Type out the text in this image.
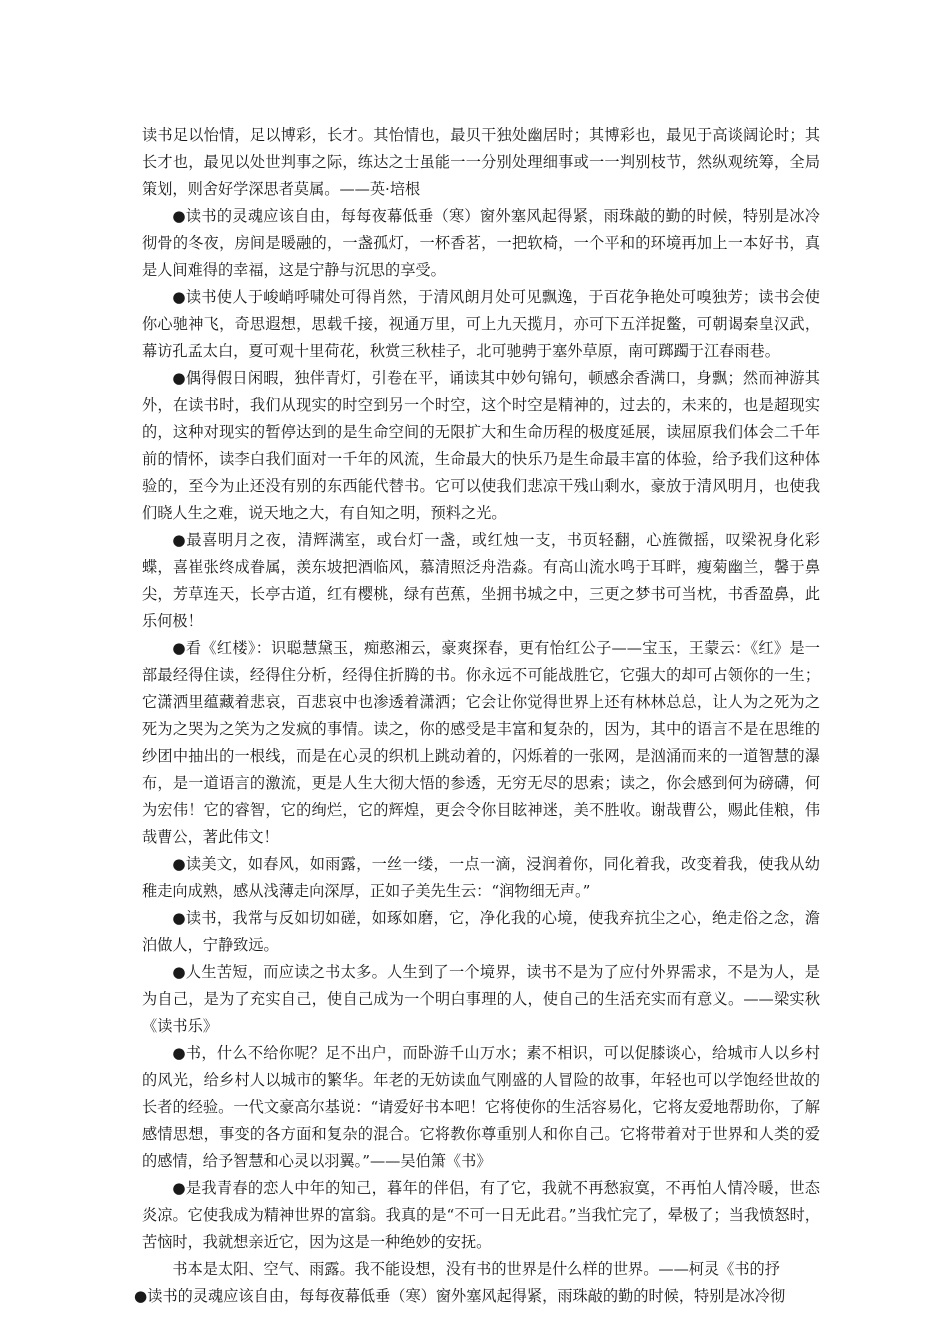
读书足以怡情，足以博彩，长才。其怡情也，最贝干独处幽居时；其博彩也，最见于高谈阔论时；其长才也，最见以处世判事之际，练达之士虽能一一分别处理细事或一一判别枝节，然纵观统筹，全局策划，则舍好学深思者莫属。——英·培根

●读书的灵魂应该自由，每每夜幕低垂（寒）窗外塞风起得紧，雨珠敲的勤的时候，特别是冰冷彻骨的冬夜，房间是暖融的，一盏孤灯，一杯香茗，一把软椅，一个平和的环境再加上一本好书，真是人间难得的幸福，这是宁静与沉思的享受。

●读书使人于峻峭呼啸处可得肖然，于清风朗月处可见飘逸，于百花争艳处可嗅独芳；读书会使你心驰神飞，奇思遐想，思载千接，视通万里，可上九天揽月，亦可下五洋捉鳖，可朝谒秦皇汉武，幕访孔孟太白，夏可观十里荷花，秋赏三秋桂子，北可驰骋于塞外草原，南可踯躅于江春雨巷。

●偶得假日闲暇，独伴青灯，引卷在平，诵读其中妙句锦句，顿感余香满口，身飘；然而神游其外，在读书时，我们从现实的时空到另一个时空，这个时空是精神的，过去的，未来的，也是超现实的，这种对现实的暂停达到的是生命空间的无限扩大和生命历程的极度延展，读屈原我们体会二千年前的情怀，读李白我们面对一千年的风流，生命最大的快乐乃是生命最丰富的体验，给予我们这种体验的，至今为止还没有别的东西能代替书。它可以使我们悲凉干残山剩水，豪放于清风明月，也使我们晓人生之难，说天地之大，有自知之明，预料之光。

●最喜明月之夜，清辉满室，或台灯一盏，或红烛一支，书页轻翻，心旌微摇，叹梁祝身化彩蝶，喜崔张终成眷属，羡东坡把酒临风，慕清照泛舟浩淼。有高山流水鸣于耳畔，瘦菊幽兰，馨于鼻尖，芳草连天，长亭古道，红有樱桃，绿有芭蕉，坐拥书城之中，三更之梦书可当枕，书香盈鼻，此乐何极！

●看《红楼》：识聪慧黛玉，痴憨湘云，豪爽探春，更有怡红公子——宝玉，王蒙云：《红》是一部最经得住读，经得住分析，经得住折腾的书。你永远不可能战胜它，它强大的却可占领你的一生；它潇洒里蕴藏着悲哀，百悲哀中也渗透着潇洒；它会让你觉得世界上还有林林总总，让人为之死为之死为之哭为之笑为之发疯的事情。读之，你的感受是丰富和复杂的，因为，其中的语言不是在思维的纱团中抽出的一根线，而是在心灵的织机上跳动着的，闪烁着的一张网，是汹涌而来的一道智慧的瀑布，是一道语言的激流，更是人生大彻大悟的参透，无穷无尽的思索；读之，你会感到何为磅礴，何为宏伟！它的睿智，它的绚烂，它的辉煌，更会令你目眩神迷，美不胜收。谢哉曹公，赐此佳粮，伟哉曹公，著此伟文！

●读美文，如春风，如雨露，一丝一缕，一点一滴，浸润着你，同化着我，改变着我，使我从幼稚走向成熟，感从浅薄走向深厚，正如子美先生云：“润物细无声。”

●读书，我常与反如切如磋，如琢如磨，它，净化我的心境，使我弃抗尘之心，绝走俗之念，澹泊做人，宁静致远。

●人生苦短，而应读之书太多。人生到了一个境界，读书不是为了应付外界需求，不是为人，是为自己，是为了充实自己，使自己成为一个明白事理的人，使自己的生活充实而有意义。——梁实秋《读书乐》

●书，什么不给你呢？足不出户，而卧游千山万水；素不相识，可以促膝谈心，给城市人以乡村的风光，给乡村人以城市的繁华。年老的无妨读血气刚盛的人冒险的故事，年轻也可以学饱经世故的长者的经验。一代文豪高尔基说：“请爱好书本吧！它将使你的生活容易化，它将友爱地帮助你，了解感情思想，事变的各方面和复杂的混合。它将教你尊重别人和你自己。它将带着对于世界和人类的爱的感情，给予智慧和心灵以羽翼。”——吴伯箫《书》

●是我青春的恋人中年的知己，暮年的伴侣，有了它，我就不再愁寂寞，不再怕人情冷暖，世态炎凉。它使我成为精神世界的富翁。我真的是“不可一日无此君。”当我忙完了，晕极了；当我愤怒时，苦恼时，我就想亲近它，因为这是一种绝妙的安抚。

书本是太阳、空气、雨露。我不能设想，没有书的世界是什么样的世界。——柯灵《书的抒

●读书的灵魂应该自由，每每夜幕低垂（寒）窗外塞风起得紧，雨珠敲的勤的时候，特别是冰冷彻
